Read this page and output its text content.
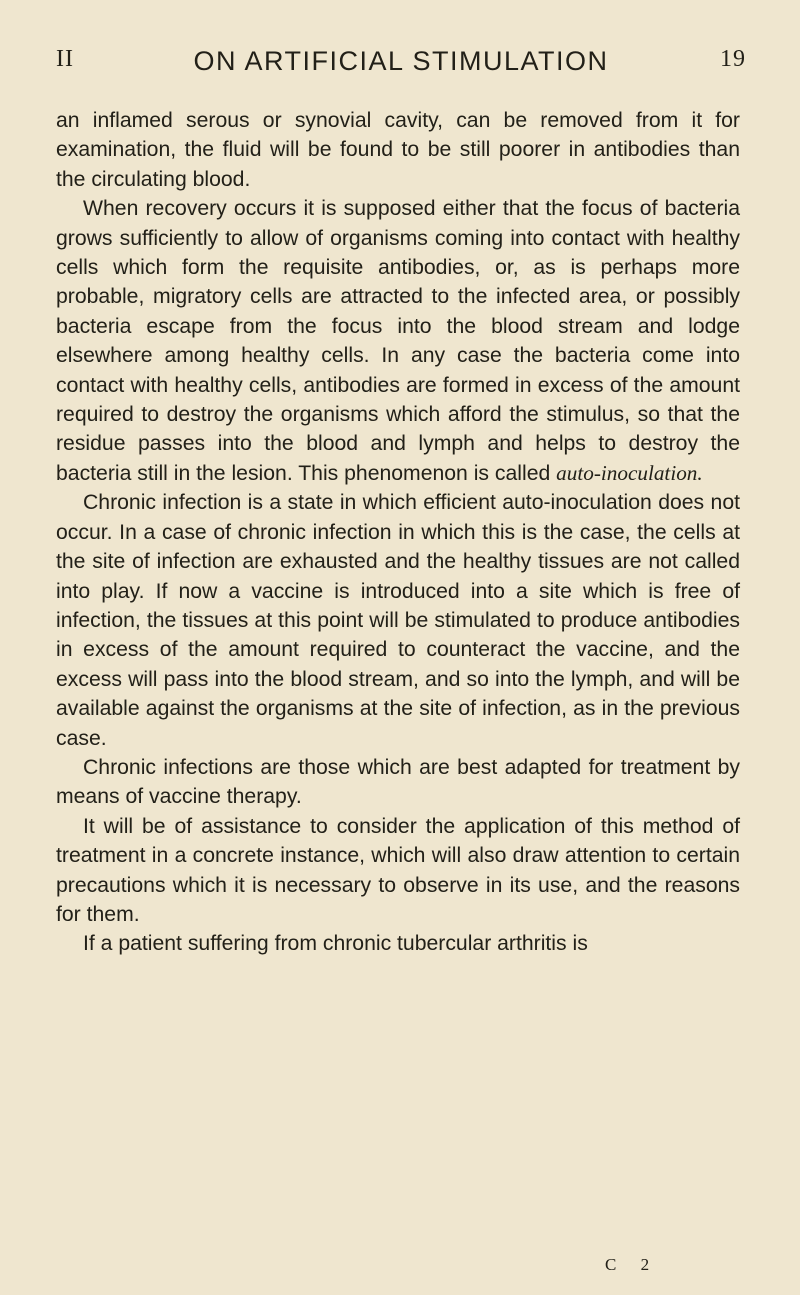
II	ON ARTIFICIAL STIMULATION	19

an inflamed serous or synovial cavity, can be removed from it for examination, the fluid will be found to be still poorer in antibodies than the circulating blood.

When recovery occurs it is supposed either that the focus of bacteria grows sufficiently to allow of organisms coming into contact with healthy cells which form the requisite antibodies, or, as is perhaps more probable, migratory cells are attracted to the infected area, or possibly bacteria escape from the focus into the blood stream and lodge elsewhere among healthy cells. In any case the bacteria come into contact with healthy cells, antibodies are formed in excess of the amount required to destroy the organisms which afford the stimulus, so that the residue passes into the blood and lymph and helps to destroy the bacteria still in the lesion. This phenomenon is called auto-inoculation.

Chronic infection is a state in which efficient auto-inoculation does not occur. In a case of chronic infection in which this is the case, the cells at the site of infection are exhausted and the healthy tissues are not called into play. If now a vaccine is introduced into a site which is free of infection, the tissues at this point will be stimulated to produce antibodies in excess of the amount required to counteract the vaccine, and the excess will pass into the blood stream, and so into the lymph, and will be available against the organisms at the site of infection, as in the previous case.

Chronic infections are those which are best adapted for treatment by means of vaccine therapy.

It will be of assistance to consider the application of this method of treatment in a concrete instance, which will also draw attention to certain precautions which it is necessary to observe in its use, and the reasons for them.

If a patient suffering from chronic tubercular arthritis is

C 2
